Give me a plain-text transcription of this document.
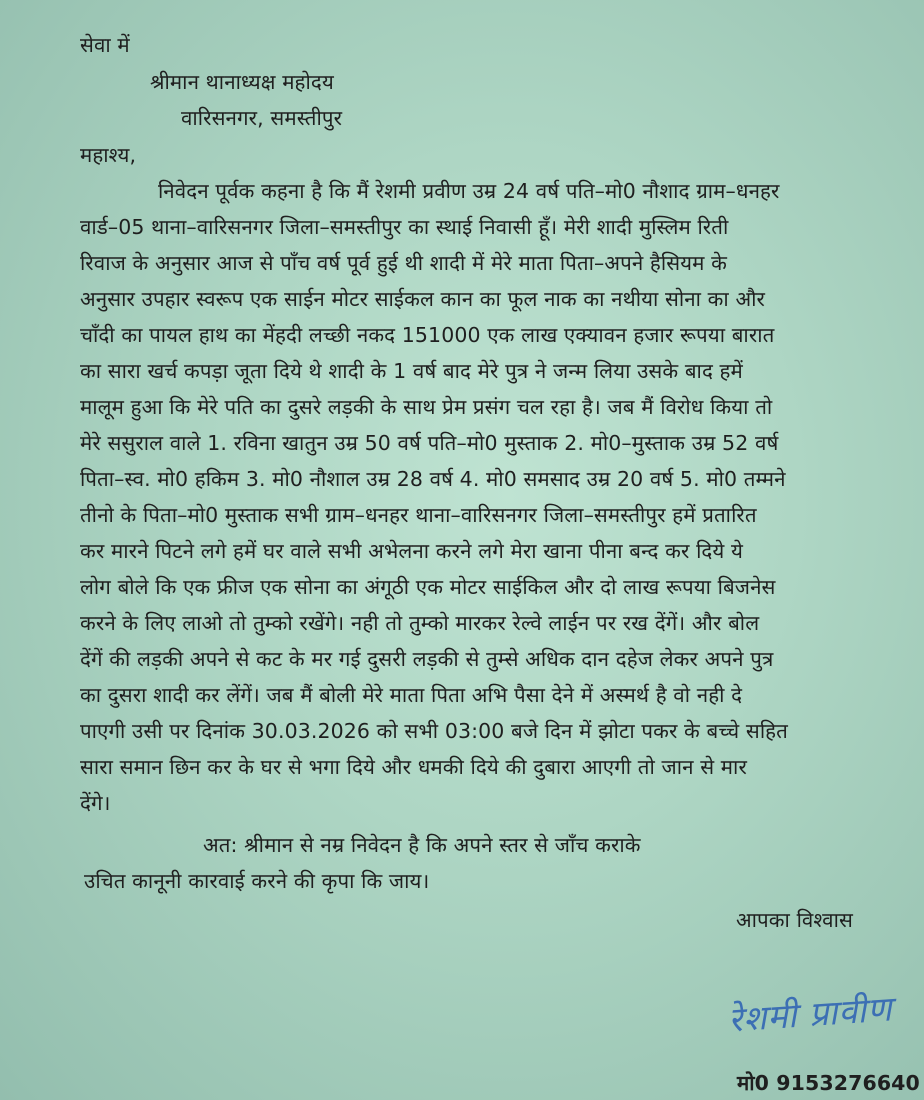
सेवा में
श्रीमान थानाध्यक्ष महोदय
वारिसनगर, समस्तीपुर
महाश्य,
निवेदन पूर्वक कहना है कि मैं रेशमी प्रवीण उम्र 24 वर्ष पति–मो0 नौशाद ग्राम–धनहर
वार्ड–05 थाना–वारिसनगर जिला–समस्तीपुर का स्थाई निवासी हूँ। मेरी शादी मुस्लिम रिती
रिवाज के अनुसार आज से पाँच वर्ष पूर्व हुई थी शादी में मेरे माता पिता–अपने हैसियम के
अनुसार उपहार स्वरूप एक साईन मोटर साईकल कान का फूल नाक का नथीया सोना का और
चाँदी का पायल हाथ का मेंहदी लच्छी नकद 151000 एक लाख एक्यावन हजार रूपया बारात
का सारा खर्च कपड़ा जूता दिये थे शादी के 1 वर्ष बाद मेरे पुत्र ने जन्म लिया उसके बाद हमें
मालूम हुआ कि मेरे पति का दुसरे लड़की के साथ प्रेम प्रसंग चल रहा है। जब मैं विरोध किया तो
मेरे ससुराल वाले 1. रविना खातुन उम्र 50 वर्ष पति–मो0 मुस्ताक 2. मो0–मुस्ताक उम्र 52 वर्ष
पिता–स्व. मो0 हकिम 3. मो0 नौशाल उम्र 28 वर्ष 4. मो0 समसाद उम्र 20 वर्ष 5. मो0 तम्मने
तीनो के पिता–मो0 मुस्ताक सभी ग्राम–धनहर थाना–वारिसनगर जिला–समस्तीपुर हमें प्रतारित
कर मारने पिटने लगे हमें घर वाले सभी अभेलना करने लगे मेरा खाना पीना बन्द कर दिये ये
लोग बोले कि एक फ्रीज एक सोना का अंगूठी एक मोटर साईकिल और दो लाख रूपया बिजनेस
करने के लिए लाओ तो तुम्को रखेंगे। नही तो तुम्को मारकर रेल्वे लाईन पर रख देंगें। और बोल
देंगें की लड़की अपने से कट के मर गई दुसरी लड़की से तुम्से अधिक दान दहेज लेकर अपने पुत्र
का दुसरा शादी कर लेंगें। जब मैं बोली मेरे माता पिता अभि पैसा देने में अस्मर्थ है वो नही दे
पाएगी उसी पर दिनांक 30.03.2026 को सभी 03:00 बजे दिन में झोटा पकर के बच्चे सहित
सारा समान छिन कर के घर से भगा दिये और धमकी दिये की दुबारा आएगी तो जान से मार
देंगे।
अत: श्रीमान से नम्र निवेदन है कि अपने स्तर से जाँच कराके
उचित कानूनी कारवाई करने की कृपा कि जाय।
आपका विश्वास
रेशमी प्रावीण
मो0 9153276640
